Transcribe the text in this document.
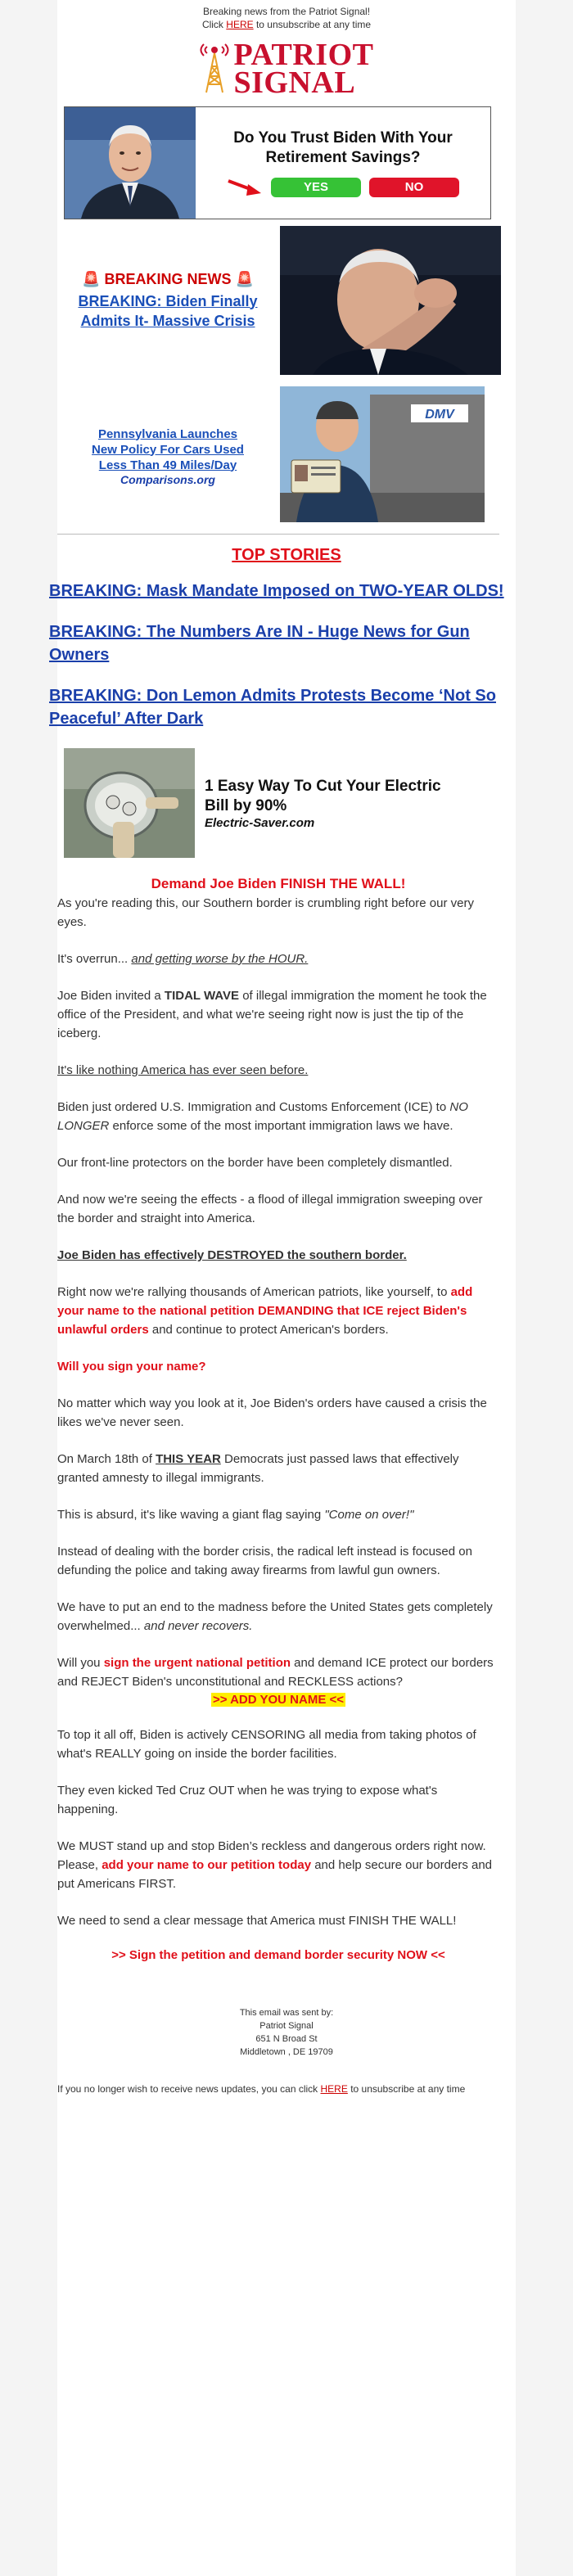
Breaking news from the Patriot Signal!
Click HERE to unsubscribe at any time
PATRIOT
SIGNAL
Do You Trust Biden With Your Retirement Savings?
YES	NO
🚨 BREAKING NEWS 🚨
BREAKING: Biden Finally Admits It- Massive Crisis
Pennsylvania Launches New Policy For Cars Used Less Than 49 Miles/Day
Comparisons.org
DMV
TOP STORIES
BREAKING: Mask Mandate Imposed on TWO-YEAR OLDS!
BREAKING: The Numbers Are IN - Huge News for Gun Owners
BREAKING: Don Lemon Admits Protests Become ‘Not So Peaceful’ After Dark
1 Easy Way To Cut Your Electric Bill by 90%
Electric-Saver.com
Demand Joe Biden FINISH THE WALL!

As you're reading this, our Southern border is crumbling right before our very eyes.

It's overrun... and getting worse by the HOUR.

Joe Biden invited a TIDAL WAVE of illegal immigration the moment he took the office of the President, and what we're seeing right now is just the tip of the iceberg.

It's like nothing America has ever seen before.

Biden just ordered U.S. Immigration and Customs Enforcement (ICE) to NO LONGER enforce some of the most important immigration laws we have.

Our front-line protectors on the border have been completely dismantled.

And now we're seeing the effects - a flood of illegal immigration sweeping over the border and straight into America.

Joe Biden has effectively DESTROYED the southern border.

Right now we're rallying thousands of American patriots, like yourself, to add your name to the national petition DEMANDING that ICE reject Biden's unlawful orders and continue to protect American's borders.

Will you sign your name?

No matter which way you look at it, Joe Biden's orders have caused a crisis the likes we've never seen.

On March 18th of THIS YEAR Democrats just passed laws that effectively granted amnesty to illegal immigrants.

This is absurd, it's like waving a giant flag saying "Come on over!"

Instead of dealing with the border crisis, the radical left instead is focused on defunding the police and taking away firearms from lawful gun owners.

We have to put an end to the madness before the United States gets completely overwhelmed... and never recovers.

Will you sign the urgent national petition and demand ICE protect our borders and REJECT Biden's unconstitutional and RECKLESS actions?

>> ADD YOU NAME <<

To top it all off, Biden is actively CENSORING all media from taking photos of what's REALLY going on inside the border facilities.

They even kicked Ted Cruz OUT when he was trying to expose what's happening.

We MUST stand up and stop Biden’s reckless and dangerous orders right now. Please, add your name to our petition today and help secure our borders and put Americans FIRST.

We need to send a clear message that America must FINISH THE WALL!

>> Sign the petition and demand border security NOW <<
This email was sent by:
Patriot Signal
651 N Broad St
Middletown , DE 19709
If you no longer wish to receive news updates, you can click HERE to unsubscribe at any time
